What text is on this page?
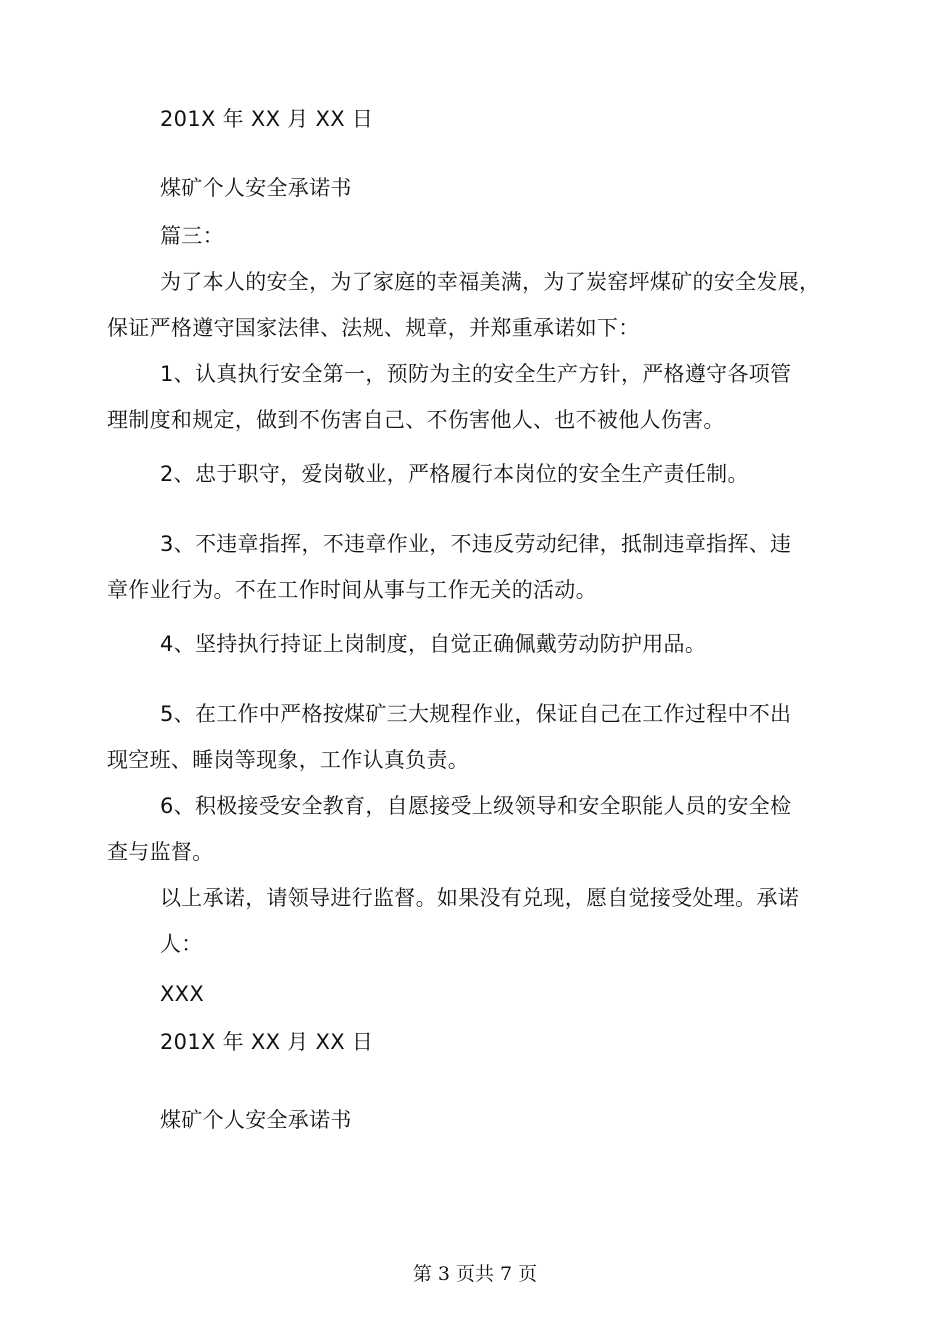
201X 年 XX 月 XX 日
煤矿个人安全承诺书
篇三：
为了本人的安全，为了家庭的幸福美满，为了炭窑坪煤矿的安全发展，
保证严格遵守国家法律、法规、规章，并郑重承诺如下：
1、认真执行安全第一，预防为主的安全生产方针，严格遵守各项管
理制度和规定，做到不伤害自己、不伤害他人、也不被他人伤害。
2、忠于职守，爱岗敬业，严格履行本岗位的安全生产责任制。
3、不违章指挥，不违章作业，不违反劳动纪律，抵制违章指挥、违
章作业行为。不在工作时间从事与工作无关的活动。
4、坚持执行持证上岗制度，自觉正确佩戴劳动防护用品。
5、在工作中严格按煤矿三大规程作业，保证自己在工作过程中不出
现空班、睡岗等现象，工作认真负责。
6、积极接受安全教育，自愿接受上级领导和安全职能人员的安全检
查与监督。
以上承诺，请领导进行监督。如果没有兑现，愿自觉接受处理。承诺
人：
XXX
201X 年 XX 月 XX 日
煤矿个人安全承诺书
第 3 页共 7 页
